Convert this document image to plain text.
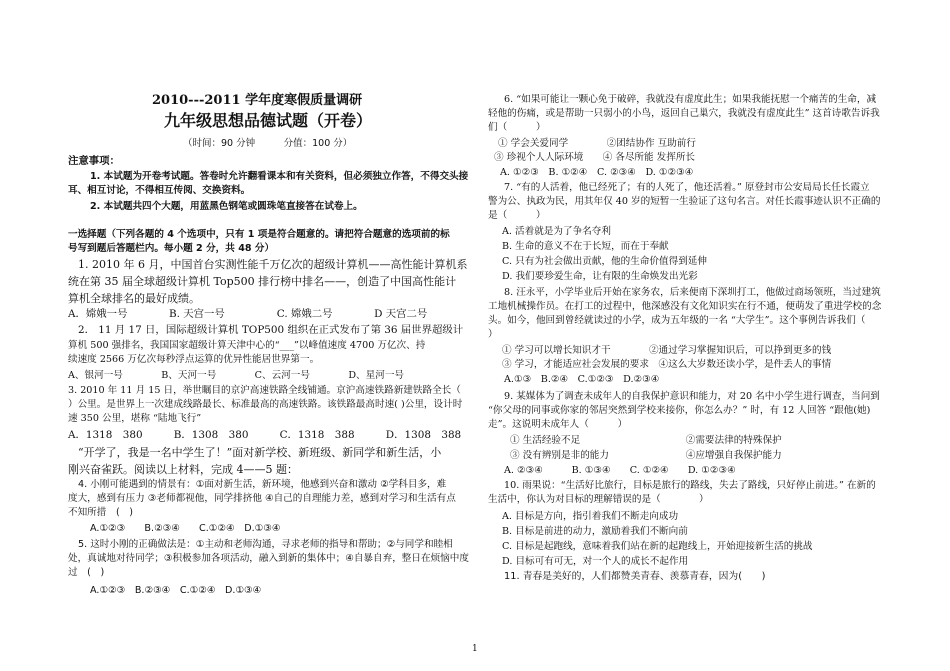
2010---2011 学年度寒假质量调研
九年级思想品德试题（开卷）
（时间：90 分钟　　　分值：100 分）
注意事项：
1. 本试题为开卷考试题。答卷时允许翻看课本和有关资料，但必须独立作答，不得交头接
耳、相互讨论，不得相互传阅、交换资料。
2. 本试题共四个大题，用蓝黑色钢笔或圆珠笔直接答在试卷上。
一选择题（下列各题的 4 个选项中，只有 1 项是符合题意的。请把符合题意的选项前的标
号写到题后答题栏内。每小题 2 分，共 48 分）
1. 2010 年 6 月，中国首台实测性能千万亿次的超级计算机——高性能计算机系
统在第 35 届全球超级计算机 Top500 排行榜中排名——，创造了中国高性能计
算机全球排名的最好成绩。
A．嫦娥一号　　　　B. 天宫一号　　　　　C. 嫦娥二号　　　　D 天宫二号
2． 11 月 17 日，国际超级计算机 TOP500 组织在正式发布了第 36 届世界超级计
算机 500 强排名，我国国家超级计算天津中心的“___”以峰值速度 4700 万亿次、持
续速度 2566 万亿次每秒浮点运算的优异性能居世界第一。
A、银河一号　　　　B、天河一号　　　　C、云河一号　　　　D、星河一号
3. 2010 年 11 月 15 日，举世瞩目的京沪高速铁路全线铺通。京沪高速铁路新建铁路全长（
）公里。是世界上一次建成线路最长、标准最高的高速铁路。该铁路最高时速( )公里，设计时
速 350 公里，堪称 “陆地飞行”
A．1318　380　　　B．1308　380　　　C．1318　388　　　D．1308　388
“开学了，我是一名中学生了！”面对新学校、新班级、新同学和新生活，小
刚兴奋雀跃。阅读以上材料，完成 4——5 题：
4. 小刚可能遇到的情景有：①面对新生活，新环境，他感到兴奋和激动 ②学科目多，难
度大，感到有压力 ③老师都视他，同学排挤他 ④自己的自理能力差，感到对学习和生活有点
不知所措　(　)
A.①②③　　B.②③④　　C.①②④　D.①③④
5. 这时小刚的正确做法是：①主动和老师沟通，寻求老师的指导和帮助；②与同学和睦相
处，真诚地对待同学；③积极参加各项活动，融入到新的集体中；④自暴自弃，整日在烦恼中度
过　(　)
A.①②③　B.②③④　C.①②④　D.①③④
6. “如果可能让一颗心免于破碎，我就没有虚度此生；如果我能抚慰一个痛苦的生命，减
轻他的伤痛，或是帮助一只弱小的小鸟，返回自己巢穴，我就没有虚度此生” 这首诗歌告诉我
们（　　　）
① 学会关爱同学　　　　②团结协作 互助前行
③ 珍视个人人际环境　　④ 各尽所能 发挥所长
A. ①②③　B. ①②④　C. ②③④　D. ①②③④
7. “有的人活着，他已经死了；有的人死了，他还活着。” 原登封市公安局局长任长霞立
警为公、执政为民，用其年仅 40 岁的短暂一生验证了这句名言。对任长霞事迹认识不正确的
是（　　　）
A. 活着就是为了争名夺利
B. 生命的意义不在于长短，而在于奉献
C. 只有为社会做出贡献，他的生命价值得到延伸
D. 我们要珍爱生命，让有限的生命焕发出光彩
8. 汪永平，小学毕业后开始在家务农，后来便南下深圳打工，他做过商场领班，当过建筑
工地机械操作员。在打工的过程中，他深感没有文化知识实在行不通，便萌发了重进学校的念
头。如今，他回到曾经就读过的小学，成为五年级的一名 “大学生”。这个事例告诉我们（
）
① 学习可以增长知识才干　　　　②通过学习掌握知识后，可以挣到更多的钱
③ 学习，才能适应社会发展的要求　④这么大岁数还读小学，是件丢人的事情
A.①③　B.②④　C.①②③　D.②③④
9. 某媒体为了调查未成年人的自我保护意识和能力，对 20 名中小学生进行调查，当问到
“你父母的同事或你家的邻居突然到学校来接你，你怎么办？” 时，有 12 人回答 “跟他(她)
走”。这说明未成年人（　　　）
① 生活经验不足　　　　　　　　　　　②需要法律的特殊保护
③ 没有辨别是非的能力　　　　　　　　④应增强自我保护能力
A. ②③④　　　B. ①③④　　C. ①②④　　D. ①②③④
10. 雨果说：“生活好比旅行，目标是旅行的路线，失去了路线，只好停止前进。” 在新的
生活中，你认为对目标的理解错误的是（　　　　）
A. 目标是方向，指引着我们不断走向成功
B. 目标是前进的动力，激励着我们不断向前
C. 目标是起跑线，意味着我们站在新的起跑线上，开始迎接新生活的挑战
D. 目标可有可无，对一个人的成长不起作用
11. 青春是美好的，人们都赞美青春、羡慕青春，因为(　　)
1
